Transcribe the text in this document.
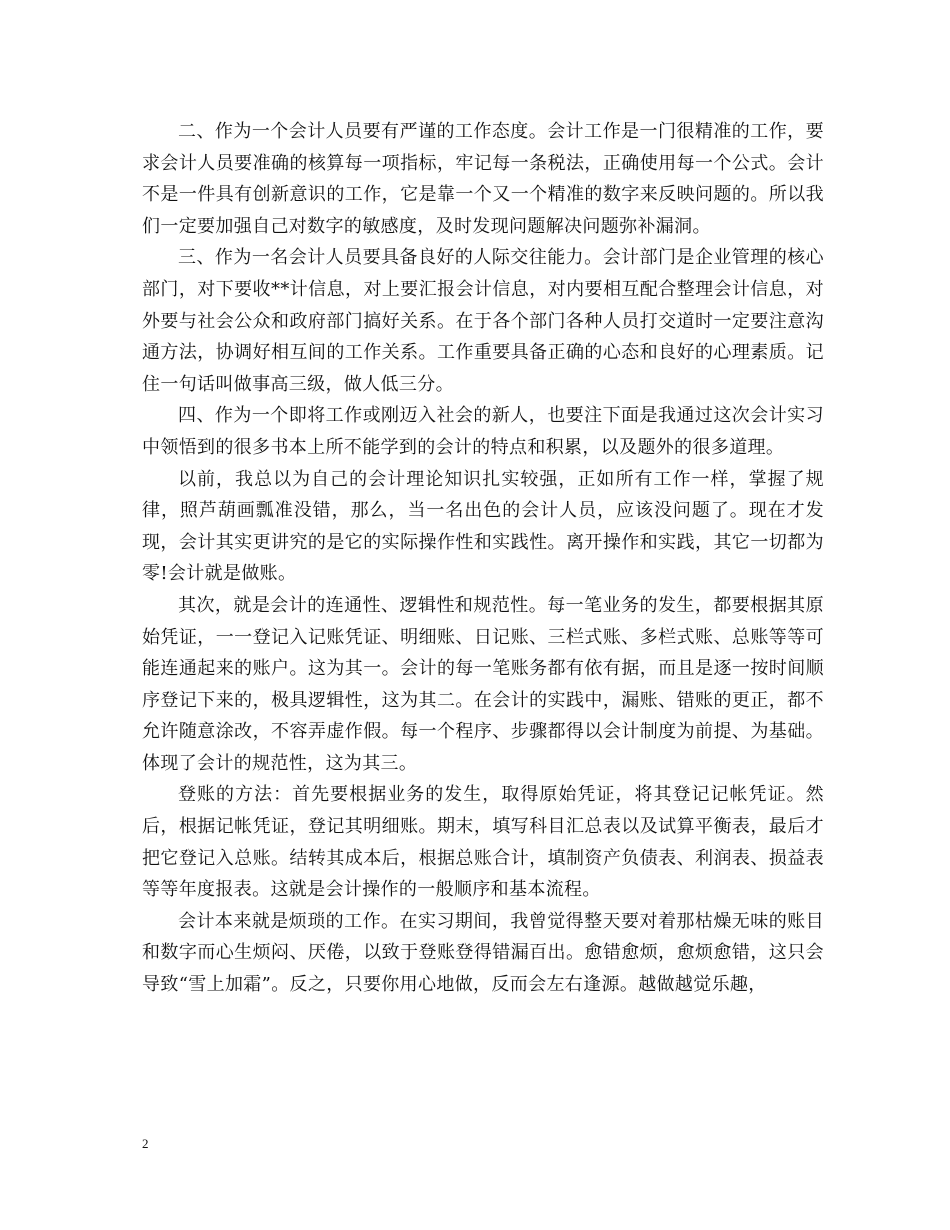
二、作为一个会计人员要有严谨的工作态度。会计工作是一门很精准的工作，要求会计人员要准确的核算每一项指标，牢记每一条税法，正确使用每一个公式。会计不是一件具有创新意识的工作，它是靠一个又一个精准的数字来反映问题的。所以我们一定要加强自己对数字的敏感度，及时发现问题解决问题弥补漏洞。

三、作为一名会计人员要具备良好的人际交往能力。会计部门是企业管理的核心部门，对下要收**计信息，对上要汇报会计信息，对内要相互配合整理会计信息，对外要与社会公众和政府部门搞好关系。在于各个部门各种人员打交道时一定要注意沟通方法，协调好相互间的工作关系。工作重要具备正确的心态和良好的心理素质。记住一句话叫做事高三级，做人低三分。

四、作为一个即将工作或刚迈入社会的新人，也要注下面是我通过这次会计实习中领悟到的很多书本上所不能学到的会计的特点和积累，以及题外的很多道理。

以前，我总以为自己的会计理论知识扎实较强，正如所有工作一样，掌握了规律，照芦葫画瓢准没错，那么，当一名出色的会计人员，应该没问题了。现在才发现，会计其实更讲究的是它的实际操作性和实践性。离开操作和实践，其它一切都为零!会计就是做账。

其次，就是会计的连通性、逻辑性和规范性。每一笔业务的发生，都要根据其原始凭证，一一登记入记账凭证、明细账、日记账、三栏式账、多栏式账、总账等等可能连通起来的账户。这为其一。会计的每一笔账务都有依有据，而且是逐一按时间顺序登记下来的，极具逻辑性，这为其二。在会计的实践中，漏账、错账的更正，都不允许随意涂改，不容弄虚作假。每一个程序、步骤都得以会计制度为前提、为基础。体现了会计的规范性，这为其三。

登账的方法：首先要根据业务的发生，取得原始凭证，将其登记记帐凭证。然后，根据记帐凭证，登记其明细账。期末，填写科目汇总表以及试算平衡表，最后才把它登记入总账。结转其成本后，根据总账合计，填制资产负债表、利润表、损益表等等年度报表。这就是会计操作的一般顺序和基本流程。

会计本来就是烦琐的工作。在实习期间，我曾觉得整天要对着那枯燥无味的账目和数字而心生烦闷、厌倦，以致于登账登得错漏百出。愈错愈烦，愈烦愈错，这只会导致“雪上加霜”。反之，只要你用心地做，反而会左右逢源。越做越觉乐趣，

2
